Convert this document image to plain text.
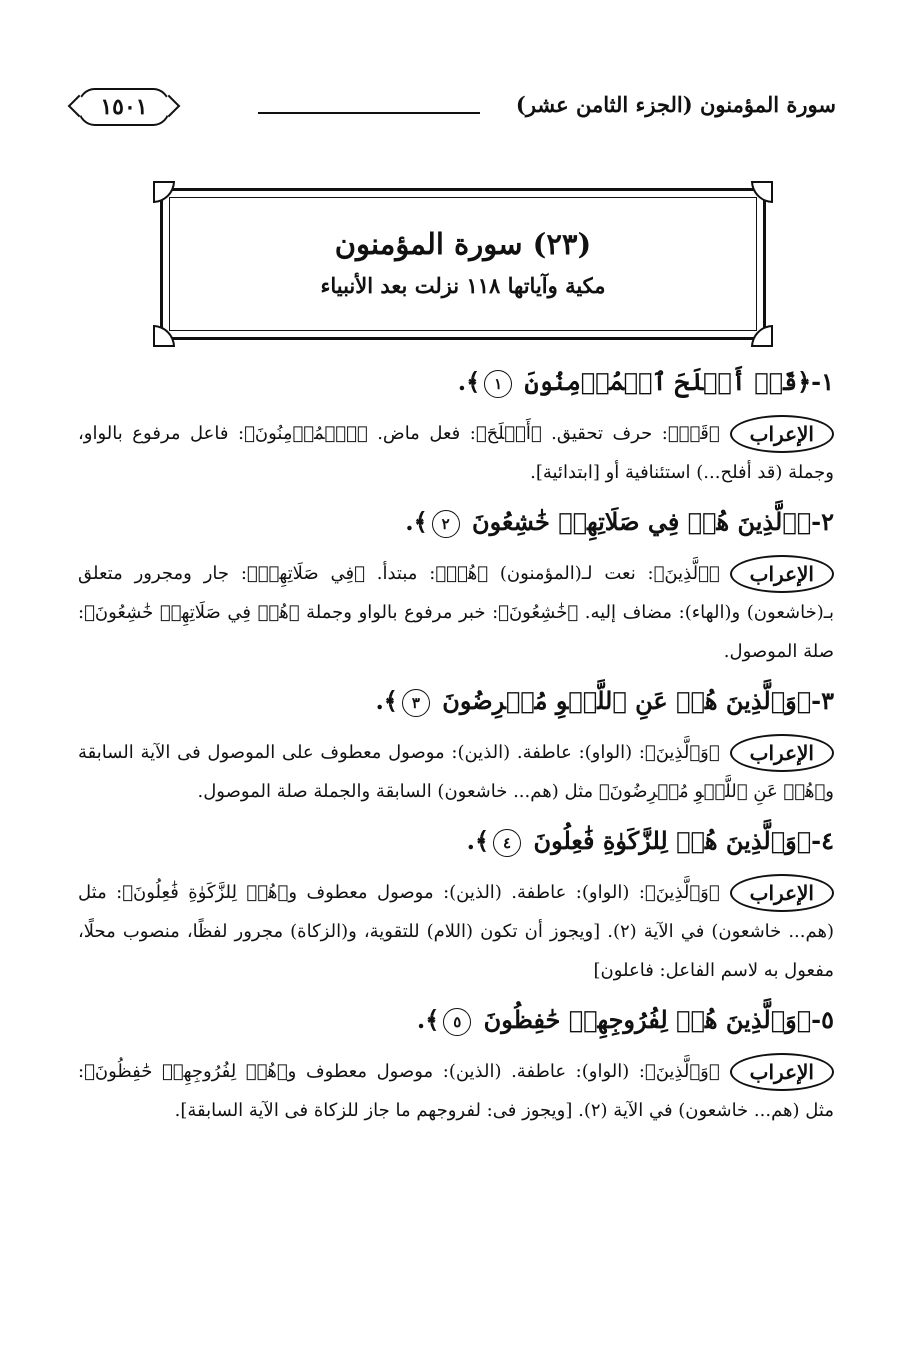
سورة المؤمنون (الجزء الثامن عشر)
١٥٠١
(٢٣) سورة المؤمنون
مكية وآياتها ١١٨ نزلت بعد الأنبياء
١-﴿قَدۡ أَفۡلَحَ ٱلۡمُؤۡمِنُونَ ١﴾.
الإعراب﴿قَدۡ﴾: حرف تحقيق. ﴿أَفۡلَحَ﴾: فعل ماض. ﴿ٱلۡمُؤۡمِنُونَ﴾: فاعل مرفوع بالواو، وجملة (قد أفلح...) استئنافية أو [ابتدائية].
٢-﴿ٱلَّذِينَ هُمۡ فِي صَلَاتِهِمۡ خَٰشِعُونَ ٢﴾.
الإعراب﴿ٱلَّذِينَ﴾: نعت لـ(المؤمنون) ﴿هُمۡ﴾: مبتدأ. ﴿فِي صَلَاتِهِمۡ﴾: جار ومجرور متعلق بـ(خاشعون) و(الهاء): مضاف إليه. ﴿خَٰشِعُونَ﴾: خبر مرفوع بالواو وجملة ﴿هُمۡ فِي صَلَاتِهِمۡ خَٰشِعُونَ﴾: صلة الموصول.
٣-﴿وَٱلَّذِينَ هُمۡ عَنِ ٱللَّغۡوِ مُعۡرِضُونَ ٣﴾.
الإعراب﴿وَٱلَّذِينَ﴾: (الواو): عاطفة. (الذين): موصول معطوف على الموصول فى الآية السابقة و﴿هُمۡ عَنِ ٱللَّغۡوِ مُعۡرِضُونَ﴾ مثل (هم... خاشعون) السابقة والجملة صلة الموصول.
٤-﴿وَٱلَّذِينَ هُمۡ لِلزَّكَوٰةِ فَٰعِلُونَ ٤﴾.
الإعراب﴿وَٱلَّذِينَ﴾: (الواو): عاطفة. (الذين): موصول معطوف و﴿هُمۡ لِلزَّكَوٰةِ فَٰعِلُونَ﴾: مثل (هم... خاشعون) في الآية (٢). [ويجوز أن تكون (اللام) للتقوية، و(الزكاة) مجرور لفظًا، منصوب محلًا، مفعول به لاسم الفاعل: فاعلون]
٥-﴿وَٱلَّذِينَ هُمۡ لِفُرُوجِهِمۡ حَٰفِظُونَ ٥﴾.
الإعراب﴿وَٱلَّذِينَ﴾: (الواو): عاطفة. (الذين): موصول معطوف و﴿هُمۡ لِفُرُوجِهِمۡ حَٰفِظُونَ﴾: مثل (هم... خاشعون) في الآية (٢). [ويجوز فى: لفروجهم ما جاز للزكاة فى الآية السابقة].
